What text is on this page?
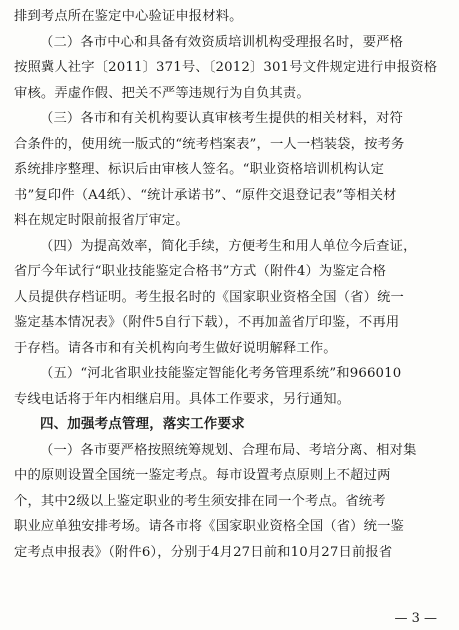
排到考点所在鉴定中心验证申报材料。
（二）各市中心和具备有效资质培训机构受理报名时，要严格
按照冀人社字〔2011〕371号、〔2012〕301号文件规定进行申报资格
审核。弄虚作假、把关不严等违规行为自负其责。
（三）各市和有关机构要认真审核考生提供的相关材料，对符
合条件的，使用统一版式的“统考档案表”，一人一档装袋，按考务
系统排序整理、标识后由审核人签名。“职业资格培训机构认定
书”复印件（A4纸）、“统计承诺书”、“原件交退登记表”等相关材
料在规定时限前报省厅审定。
（四）为提高效率，简化手续，方便考生和用人单位今后查证，
省厅今年试行“职业技能鉴定合格书”方式（附件4）为鉴定合格
人员提供存档证明。考生报名时的《国家职业资格全国（省）统一
鉴定基本情况表》（附件5自行下载），不再加盖省厅印鉴，不再用
于存档。请各市和有关机构向考生做好说明解释工作。
（五）“河北省职业技能鉴定智能化考务管理系统”和966010
专线电话将于年内相继启用。具体工作要求，另行通知。
四、加强考点管理，落实工作要求
（一）各市要严格按照统筹规划、合理布局、考培分离、相对集
中的原则设置全国统一鉴定考点。每市设置考点原则上不超过两
个，其中2级以上鉴定职业的考生须安排在同一个考点。省统考
职业应单独安排考场。请各市将《国家职业资格全国（省）统一鉴
定考点申报表》（附件6），分别于4月27日前和10月27日前报省
— 3 —
